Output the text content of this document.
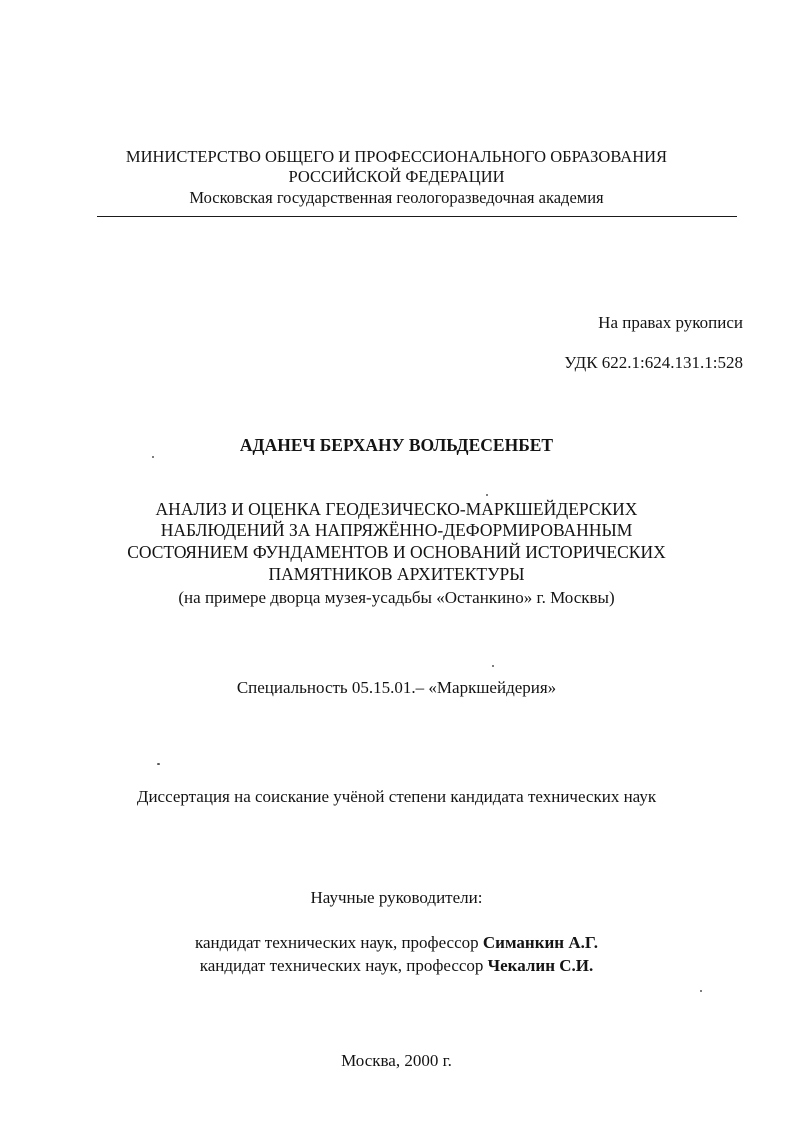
МИНИСТЕРСТВО ОБЩЕГО И ПРОФЕССИОНАЛЬНОГО ОБРАЗОВАНИЯ
РОССИЙСКОЙ ФЕДЕРАЦИИ
Московская государственная геологоразведочная академия
На правах рукописи
УДК 622.1:624.131.1:528
АДАНЕЧ БЕРХАНУ ВОЛЬДЕСЕНБЕТ
АНАЛИЗ И ОЦЕНКА ГЕОДЕЗИЧЕСКО-МАРКШЕЙДЕРСКИХ
НАБЛЮДЕНИЙ ЗА НАПРЯЖЁННО-ДЕФОРМИРОВАННЫМ
СОСТОЯНИЕМ ФУНДАМЕНТОВ И ОСНОВАНИЙ ИСТОРИЧЕСКИХ
ПАМЯТНИКОВ АРХИТЕКТУРЫ
(на примере дворца музея-усадьбы «Останкино» г. Москвы)
Специальность 05.15.01.– «Маркшейдерия»
Диссертация на соискание учёной степени кандидата технических наук
Научные руководители:
кандидат технических наук, профессор Симанкин А.Г.
кандидат технических наук, профессор Чекалин С.И.
Москва, 2000 г.
